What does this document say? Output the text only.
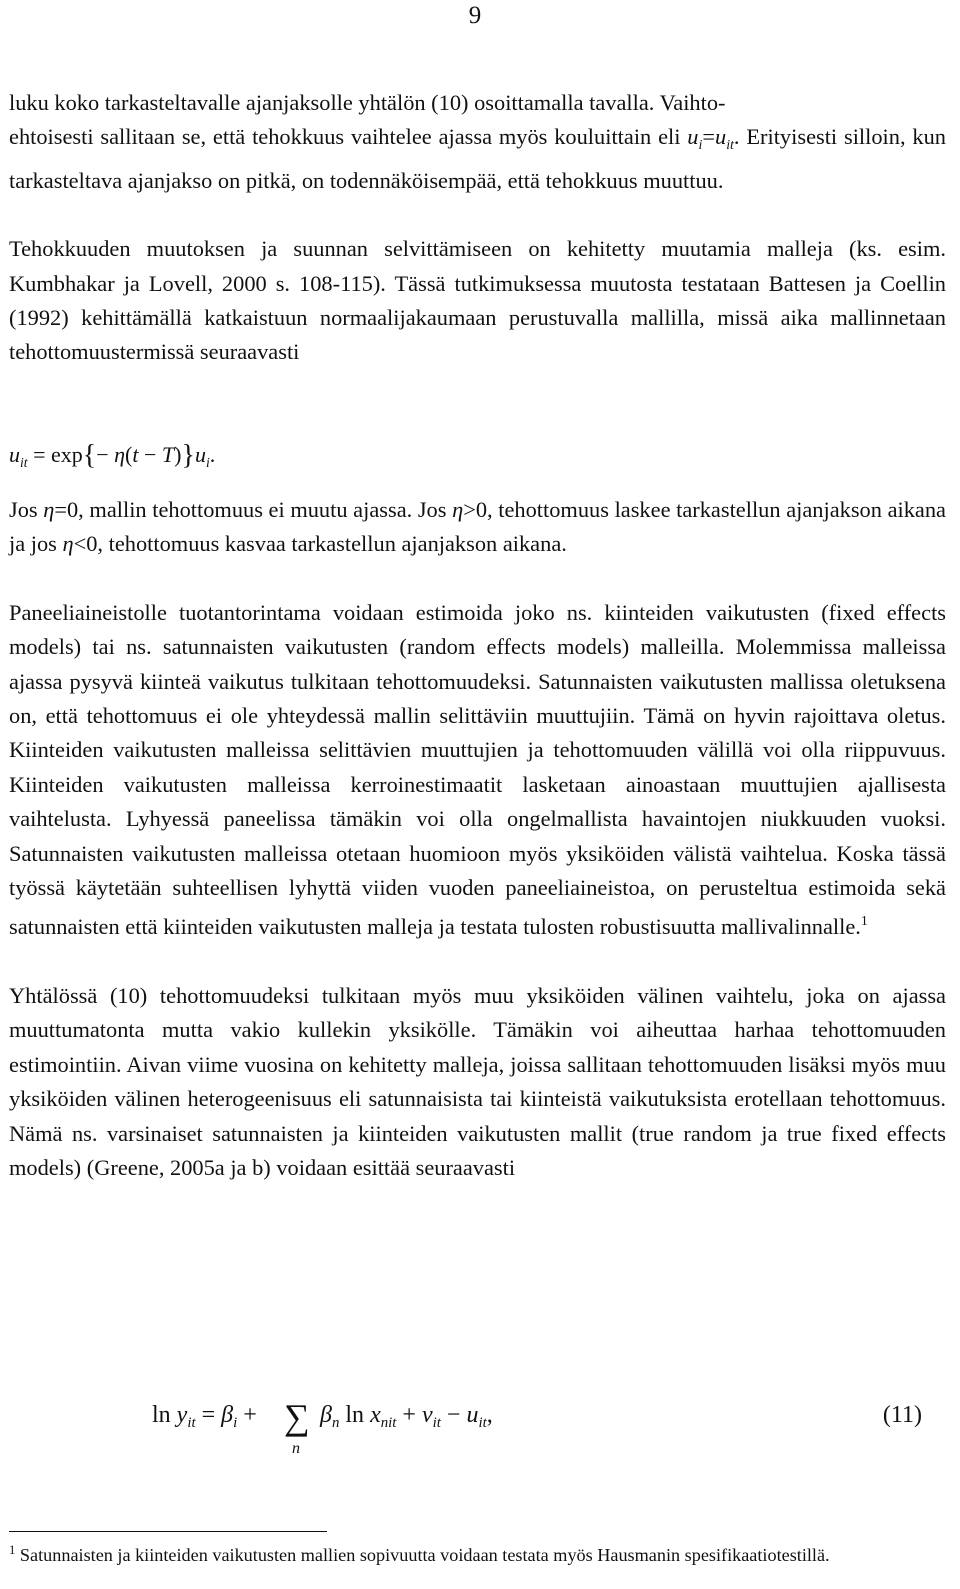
9

luku koko tarkasteltavalle ajanjaksolle yhtälön (10) osoittamalla tavalla. Vaihto-
ehtoisesti sallitaan se, että tehokkuus vaihtelee ajassa myös kouluittain eli $u_i=u_{it}$. Erityisesti silloin, kun tarkasteltava ajanjakso on pitkä, on todennäköisempää, että tehokkuus muuttuu.

Tehokkuuden muutoksen ja suunnan selvittämiseen on kehitetty muutamia malleja (ks. esim. Kumbhakar ja Lovell, 2000 s. 108-115). Tässä tutkimuksessa muutosta testataan Battesen ja Coellin (1992) kehittämällä katkaistuun normaalijakaumaan perustuvalla mallilla, missä aika mallinnetaan tehottomuustermissä seuraavasti

$u_{it} = \exp\{- \eta(t - T)\}u_i$.

Jos η=0, mallin tehottomuus ei muutu ajassa. Jos η>0, tehottomuus laskee tarkastellun ajanjakson aikana ja jos η<0, tehottomuus kasvaa tarkastellun ajanjakson aikana.

Paneeliaineistolle tuotantorintama voidaan estimoida joko ns. kiinteiden vaikutusten (fixed effects models) tai ns. satunnaisten vaikutusten (random effects models) malleilla. Molemmissa malleissa ajassa pysyvä kiinteä vaikutus tulkitaan tehottomuudeksi. Satunnaisten vaikutusten mallissa oletuksena on, että tehottomuus ei ole yhteydessä mallin selittäviin muuttujiin. Tämä on hyvin rajoittava oletus. Kiinteiden vaikutusten malleissa selittävien muuttujien ja tehottomuuden välillä voi olla riippuvuus. Kiinteiden vaikutusten malleissa kerroinestimaatit lasketaan ainoastaan muuttujien ajallisesta vaihtelusta. Lyhyessä paneelissa tämäkin voi olla ongelmallista havaintojen niukkuuden vuoksi. Satunnaisten vaikutusten malleissa otetaan huomioon myös yksiköiden välistä vaihtelua. Koska tässä työssä käytetään suhteellisen lyhyttä viiden vuoden paneeliaineistoa, on perusteltua estimoida sekä satunnaisten että kiinteiden vaikutusten malleja ja testata tulosten robustisuutta mallivalinnalle.$^1$

Yhtälössä (10) tehottomuudeksi tulkitaan myös muu yksiköiden välinen vaihtelu, joka on ajassa muuttumatonta mutta vakio kullekin yksikölle. Tämäkin voi aiheuttaa harhaa tehottomuuden estimointiin. Aivan viime vuosina on kehitetty malleja, joissa sallitaan tehottomuuden lisäksi myös muu yksiköiden välinen heterogeenisuus eli satunnaisista tai kiinteistä vaikutuksista erotellaan tehottomuus. Nämä ns. varsinaiset satunnaisten ja kiinteiden vaikutusten mallit (true random ja true fixed effects models) (Greene, 2005a ja b) voidaan esittää seuraavasti

$\ln y_{it} = \beta_i$ + ∑
n
$\beta_n$ $\ln x_{nit} + v_{it} - u_{it}$,	(11)
$^1$ Satunnaisten ja kiinteiden vaikutusten mallien sopivuutta voidaan testata myös Hausmanin spesifikaatiotestillä.
